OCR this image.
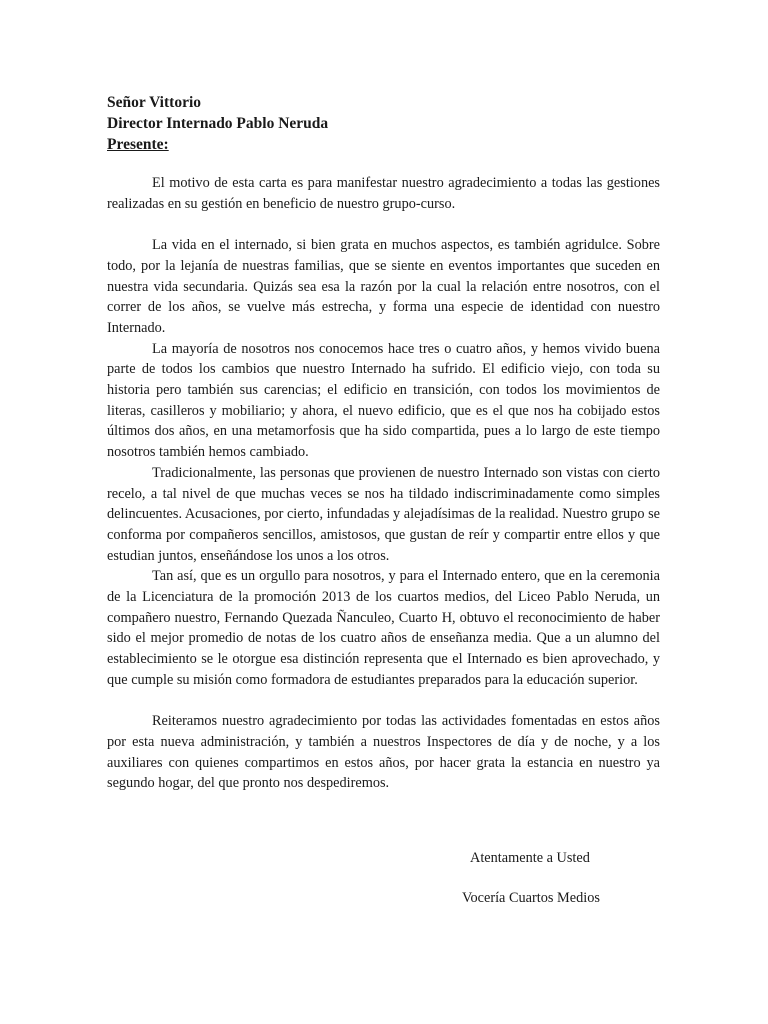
Señor Vittorio
Director Internado Pablo Neruda
Presente:

El motivo de esta carta es para manifestar nuestro agradecimiento a todas las gestiones realizadas en su gestión en beneficio de nuestro grupo-curso.

La vida en el internado, si bien grata en muchos aspectos, es también agridulce. Sobre todo, por la lejanía de nuestras familias, que se siente en eventos importantes que suceden en nuestra vida secundaria. Quizás sea esa la razón por la cual la relación entre nosotros, con el correr de los años, se vuelve más estrecha, y forma una especie de identidad con nuestro Internado.

La mayoría de nosotros nos conocemos hace tres o cuatro años, y hemos vivido buena parte de todos los cambios que nuestro Internado ha sufrido. El edificio viejo, con toda su historia pero también sus carencias; el edificio en transición, con todos los movimientos de literas, casilleros y mobiliario; y ahora, el nuevo edificio, que es el que nos ha cobijado estos últimos dos años, en una metamorfosis que ha sido compartida, pues a lo largo de este tiempo nosotros también hemos cambiado.

Tradicionalmente, las personas que provienen de nuestro Internado son vistas con cierto recelo, a tal nivel de que muchas veces se nos ha tildado indiscriminadamente como simples delincuentes. Acusaciones, por cierto, infundadas y alejadísimas de la realidad. Nuestro grupo se conforma por compañeros sencillos, amistosos, que gustan de reír y compartir entre ellos y que estudian juntos, enseñándose los unos a los otros.

Tan así, que es un orgullo para nosotros, y para el Internado entero, que en la ceremonia de la Licenciatura de la promoción 2013 de los cuartos medios, del Liceo Pablo Neruda, un compañero nuestro, Fernando Quezada Ñanculeo, Cuarto H, obtuvo el reconocimiento de haber sido el mejor promedio de notas de los cuatro años de enseñanza media. Que a un alumno del establecimiento se le otorgue esa distinción representa que el Internado es bien aprovechado, y que cumple su misión como formadora de estudiantes preparados para la educación superior.

Reiteramos nuestro agradecimiento por todas las actividades fomentadas en estos años por esta nueva administración, y también a nuestros Inspectores de día y de noche, y a los auxiliares con quienes compartimos en estos años, por hacer grata la estancia en nuestro ya segundo hogar, del que pronto nos despediremos.

Atentamente a Usted
Vocería Cuartos Medios
